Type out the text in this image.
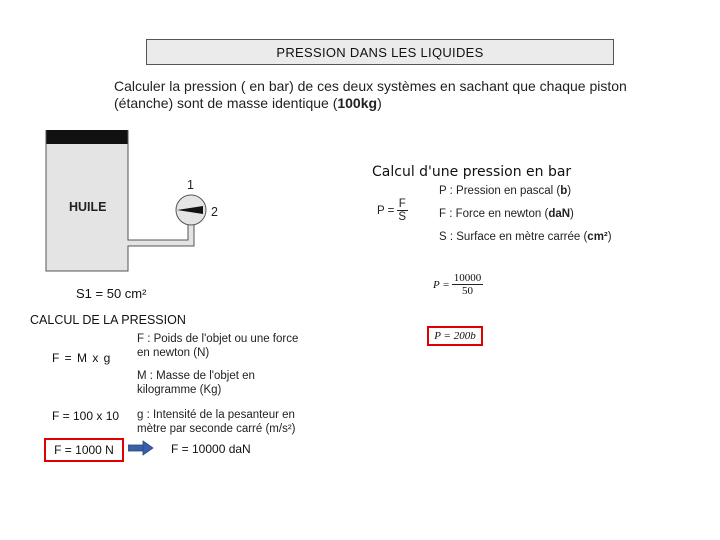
PRESSION DANS LES LIQUIDES
Calculer la pression ( en bar) de ces deux systèmes en sachant que chaque piston
(étanche) sont de masse identique (100kg)
HUILE
1
2
S1 = 50 cm²
Calcul d'une pression en bar
$P = \frac{F}{S}$
P : Pression en pascal (b)
F : Force en newton (daN)
S : Surface en mètre carrée (cm²)
$P = \frac{10000}{50}$
P = 200b
CALCUL DE LA PRESSION
F = M x g
F = 100 x 10
F = 1000 N	F = 10000 daN
F : Poids de l'objet ou une force
en newton (N)
M : Masse de l'objet en
kilogramme (Kg)
g : Intensité de la pesanteur en
mètre par seconde carré (m/s²)
